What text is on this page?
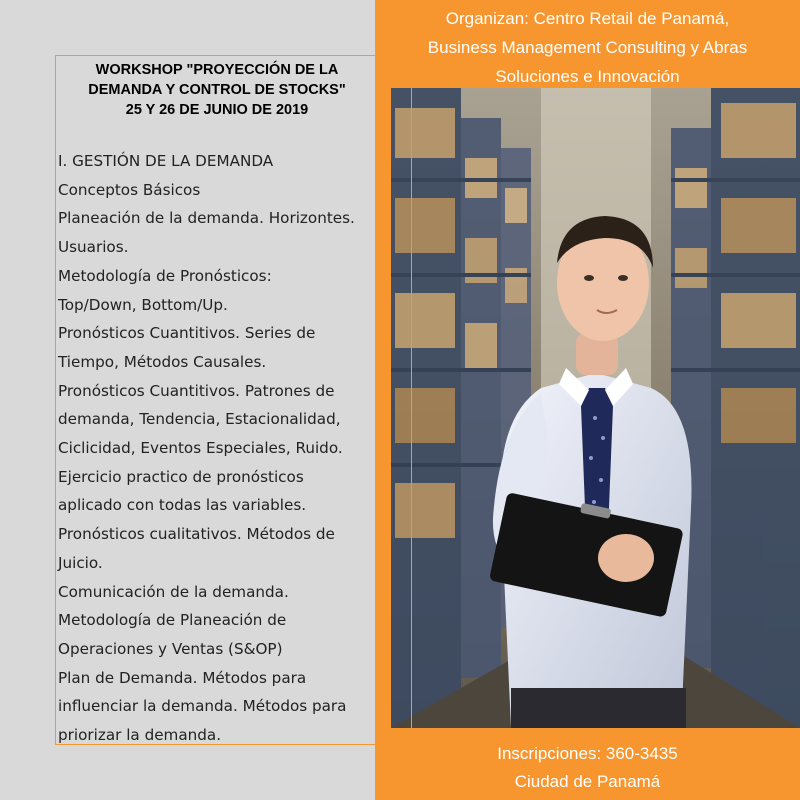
Organizan: Centro Retail de Panamá,
Business Management Consulting y Abras
Soluciones e Innovación
WORKSHOP "PROYECCIÓN DE LA
DEMANDA Y CONTROL DE STOCKS"
25 Y 26 DE JUNIO DE 2019
I. GESTIÓN DE LA DEMANDA
Conceptos Básicos
Planeación de la demanda. Horizontes.
Usuarios.
Metodología de Pronósticos:
Top/Down, Bottom/Up.
Pronósticos Cuantitivos. Series de
Tiempo, Métodos Causales.
Pronósticos Cuantitivos. Patrones de
demanda, Tendencia, Estacionalidad,
Ciclicidad, Eventos Especiales, Ruido.
Ejercicio practico de pronósticos
aplicado con todas las variables.
Pronósticos cualitativos. Métodos de
Juicio.
Comunicación de la demanda.
Metodología de Planeación de
Operaciones y Ventas (S&OP)
Plan de Demanda. Métodos para
influenciar la demanda. Métodos para
priorizar la demanda.
Inscripciones: 360-3435
Ciudad de Panamá
